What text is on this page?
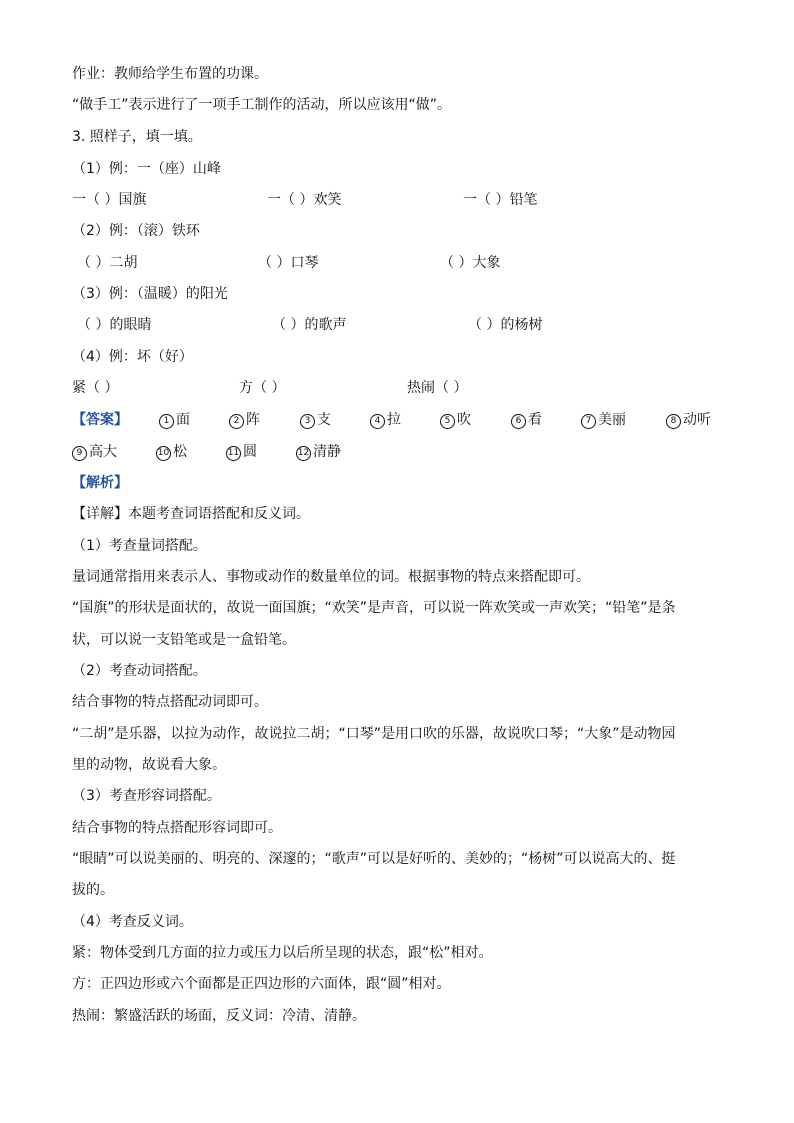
作业：教师给学生布置的功课。
“做手工”表示进行了一项手工制作的活动，所以应该用“做”。
3. 照样子，填一填。
（1）例：一（座）山峰
一（ ）国旗	一（ ）欢笑	一（ ）铅笔
（2）例：（滚）铁环
（ ）二胡	（ ）口琴	（ ）大象
（3）例：（温暖）的阳光
（ ）的眼睛	（ ）的歌声	（ ）的杨树
（4）例：坏（好）
紧（ ）	方（ ）	热闹（ ）
【答案】	1 面	2 阵	3 支	4 拉	5 吹	6 看	7 美丽	8 动听
9 高大	10 松	11 圆	12 清静
【解析】
【详解】本题考查词语搭配和反义词。
（1）考查量词搭配。
量词通常指用来表示人、事物或动作的数量单位的词。根据事物的特点来搭配即可。
“国旗”的形状是面状的，故说一面国旗；“欢笑”是声音，可以说一阵欢笑或一声欢笑；“铅笔”是条
状，可以说一支铅笔或是一盒铅笔。
（2）考查动词搭配。
结合事物的特点搭配动词即可。
“二胡”是乐器，以拉为动作，故说拉二胡；“口琴”是用口吹的乐器，故说吹口琴；“大象”是动物园
里的动物，故说看大象。
（3）考查形容词搭配。
结合事物的特点搭配形容词即可。
“眼睛”可以说美丽的、明亮的、深邃的；“歌声”可以是好听的、美妙的；“杨树”可以说高大的、挺
拔的。
（4）考查反义词。
紧：物体受到几方面的拉力或压力以后所呈现的状态，跟“松”相对。
方：正四边形或六个面都是正四边形的六面体，跟“圆”相对。
热闹：繁盛活跃的场面，反义词：冷清、清静。
